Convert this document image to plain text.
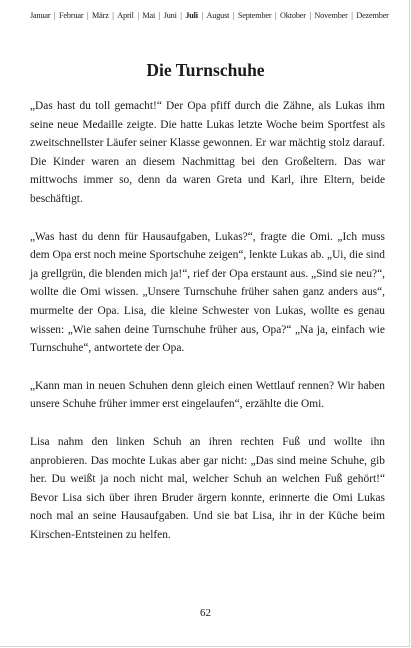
Januar | Februar | März | April | Mai | Juni | Juli | August | September | Oktober | November | Dezember
Die Turnschuhe

„Das hast du toll gemacht!“ Der Opa pfiff durch die Zähne, als Lukas ihm seine neue Medaille zeigte. Die hatte Lukas letzte Woche beim Sportfest als zweitschnellster Läufer seiner Klasse gewonnen. Er war mächtig stolz darauf. Die Kinder waren an diesem Nachmittag bei den Großeltern. Das war mittwochs immer so, denn da waren Greta und Karl, ihre Eltern, beide beschäftigt.

„Was hast du denn für Hausaufgaben, Lukas?“, fragte die Omi. „Ich muss dem Opa erst noch meine Sportschuhe zeigen“, lenkte Lukas ab. „Ui, die sind ja grellgrün, die blenden mich ja!“, rief der Opa erstaunt aus. „Sind sie neu?“, wollte die Omi wissen. „Unsere Turnschuhe früher sahen ganz anders aus“, murmelte der Opa. Lisa, die kleine Schwester von Lukas, wollte es genau wissen: „Wie sahen deine Turnschuhe früher aus, Opa?“ „Na ja, einfach wie Turnschuhe“, antwortete der Opa.

„Kann man in neuen Schuhen denn gleich einen Wettlauf rennen? Wir haben unsere Schuhe früher immer erst eingelaufen“, erzählte die Omi.

Lisa nahm den linken Schuh an ihren rechten Fuß und wollte ihn anprobieren. Das mochte Lukas aber gar nicht: „Das sind meine Schuhe, gib her. Du weißt ja noch nicht mal, welcher Schuh an welchen Fuß gehört!“ Bevor Lisa sich über ihren Bruder ärgern konnte, erinnerte die Omi Lukas noch mal an seine Hausaufgaben. Und sie bat Lisa, ihr in der Küche beim Kirschen-Entsteinen zu helfen.

62
